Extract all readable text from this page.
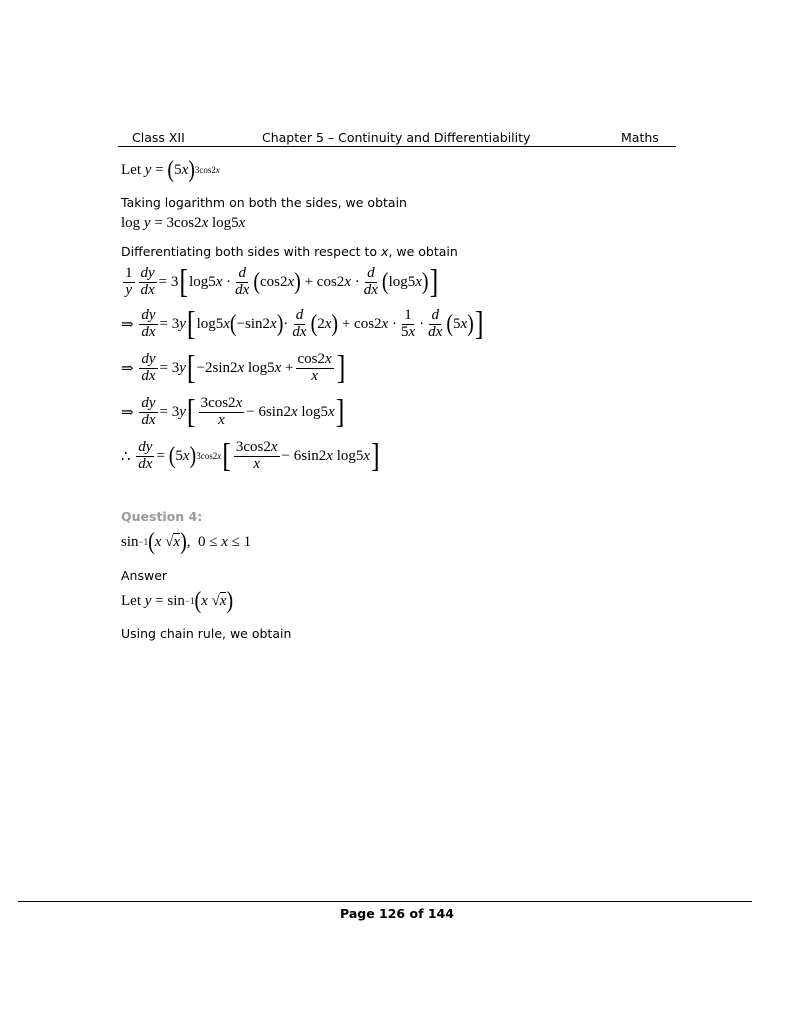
Class XII	Chapter 5 – Continuity and Differentiability	Maths
Let y = ( 5 x ) 3cos2x
Taking logarithm on both the sides, we obtain
log y = 3cos2 x log5 x
Differentiating both sides with respect to x, we obtain
$\frac{1}{y} \frac{dy}{dx} = 3$ [ log5 $x \cdot \frac{d}{dx}$ ( cos2 x ) + cos2 $x \cdot \frac{d}{dx}$ ( log5 x ) ]
⇒ $\frac{dy}{dx} = 3$ y [ log5 x ( −sin2 x ) · $\frac{d}{dx}$ ( 2 x ) + cos2 $x \cdot \frac{1}{5x} \cdot \frac{d}{dx}$ ( 5 x ) ]
⇒ $\frac{dy}{dx} = 3$ y [ −2sin2 x log5 $x + \frac{\cos 2x}{x}$ ]
⇒ $\frac{dy}{dx} = 3$ y [ $\frac{3\cos 2x}{x} - 6\sin 2$ x log5 x ]
∴ $\frac{dy}{dx}$ = ( 5 x ) 3cos2x [ $\frac{3\cos 2x}{x} - 6\sin 2$ x log5 x ]
Question 4:
sin −1 ( x √ x ) ,  0 ≤ x ≤ 1
Answer
Let y = sin −1 ( x √ x )
Using chain rule, we obtain
Page 126 of 144
